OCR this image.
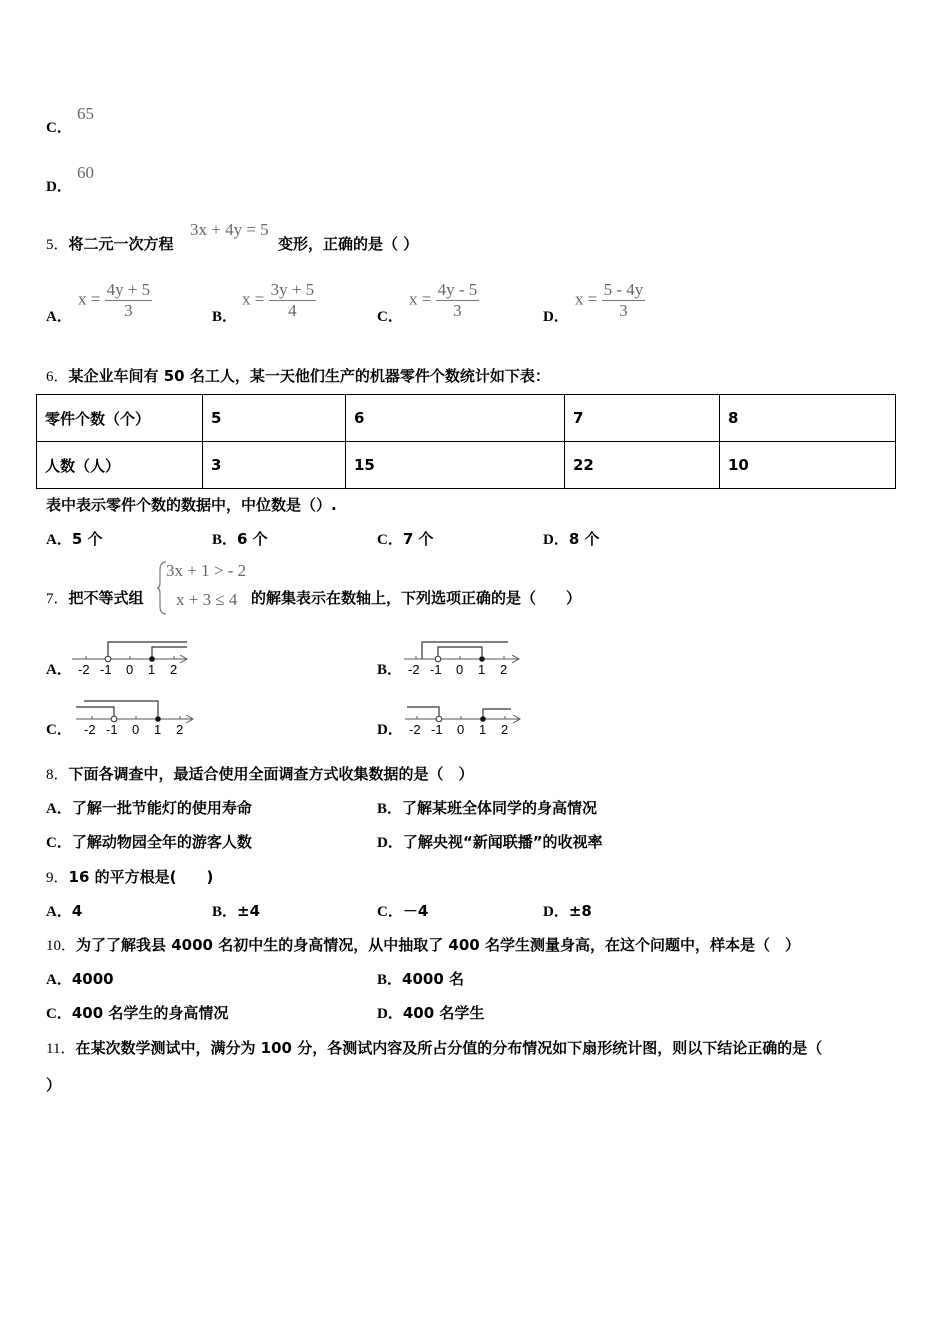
C．
65
D．
60
5．将二元一次方程
3x + 4y = 5
变形，正确的是（ ）
A．
$x = \frac{4y + 5}{3}$	B．
$x = \frac{3y + 5}{4}$	C．
$x = \frac{4y - 5}{3}$	D．
$x = \frac{5 - 4y}{3}$
6．某企业车间有 50 名工人，某一天他们生产的机器零件个数统计如下表：
零件个数（个）	5	6	7	8
人数（人）	3	15	22	10
表中表示零件个数的数据中，中位数是（）.
A．5 个	B．6 个	C．7 个	D．8 个
7．把不等式组
3x + 1 > - 2
x + 3 ≤ 4 的解集表示在数轴上，下列选项正确的是（　　）
A． -2 -1 0 1 2	B． -2 -1 0 1 2
C． -2 -1 0 1 2	D． -2 -1 0 1 2
8．下面各调查中，最适合使用全面调查方式收集数据的是（　）
A．了解一批节能灯的使用寿命	B．了解某班全体同学的身高情况
C．了解动物园全年的游客人数	D．了解央视“新闻联播”的收视率
9．16 的平方根是(　　)
A．4	B．±4	C．－4	D．±8
10．为了了解我县 4000 名初中生的身高情况，从中抽取了 400 名学生测量身高，在这个问题中，样本是（　）
A．4000	B．4000 名
C．400 名学生的身高情况	D．400 名学生
11．在某次数学测试中，满分为 100 分，各测试内容及所占分值的分布情况如下扇形统计图，则以下结论正确的是（
）
